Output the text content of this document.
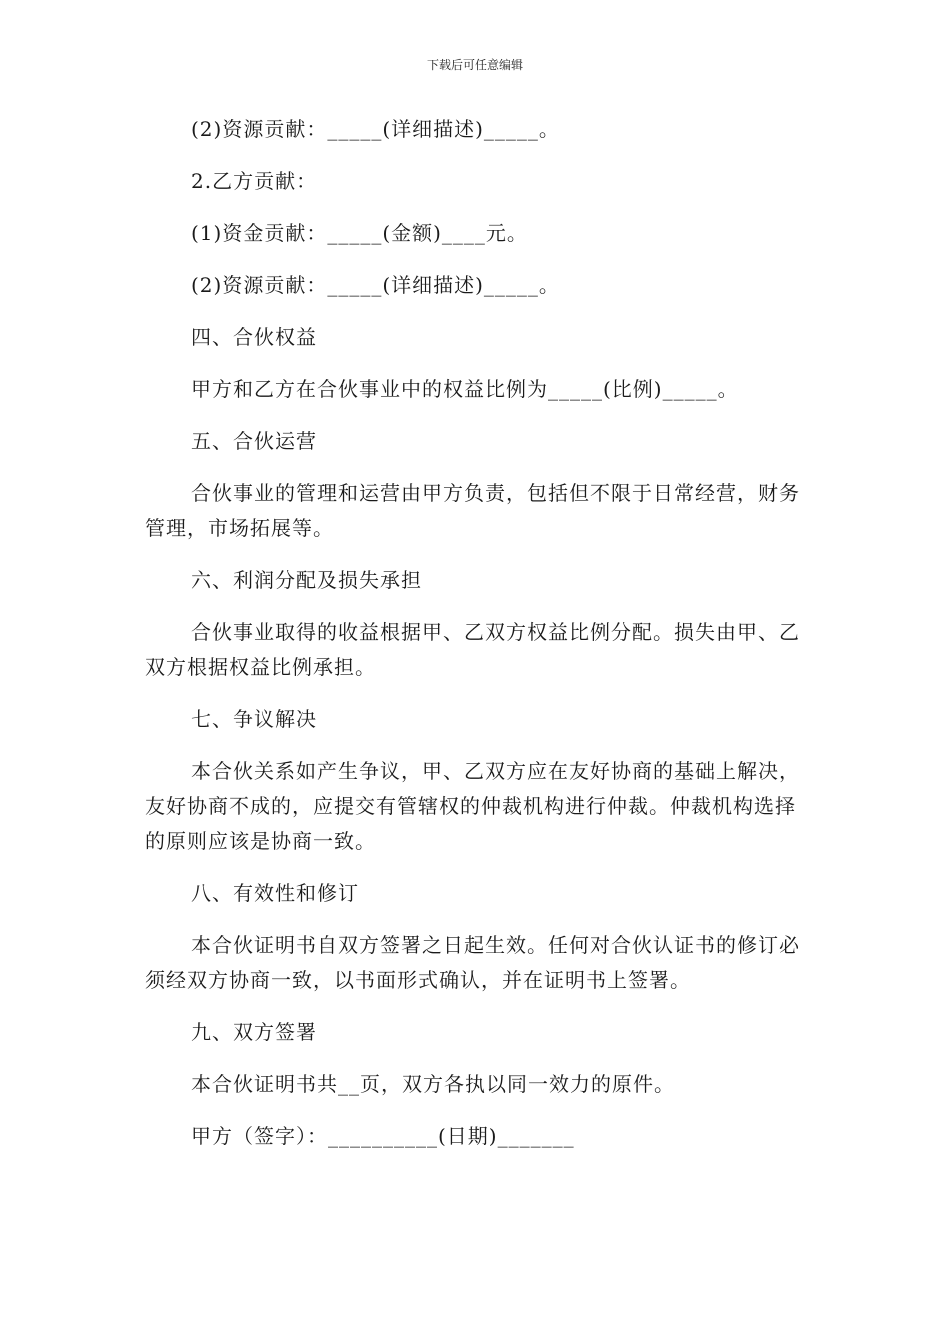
下载后可任意编辑

(2)资源贡献：_____(详细描述)_____。

2.乙方贡献：

(1)资金贡献：_____(金额)____元。

(2)资源贡献：_____(详细描述)_____。

四、合伙权益

甲方和乙方在合伙事业中的权益比例为_____(比例)_____。

五、合伙运营

合伙事业的管理和运营由甲方负责，包括但不限于日常经营，财务管理，市场拓展等。

六、利润分配及损失承担

合伙事业取得的收益根据甲、乙双方权益比例分配。损失由甲、乙双方根据权益比例承担。

七、争议解决

本合伙关系如产生争议，甲、乙双方应在友好协商的基础上解决，友好协商不成的，应提交有管辖权的仲裁机构进行仲裁。仲裁机构选择的原则应该是协商一致。

八、有效性和修订

本合伙证明书自双方签署之日起生效。任何对合伙认证书的修订必须经双方协商一致，以书面形式确认，并在证明书上签署。

九、双方签署

本合伙证明书共__页，双方各执以同一效力的原件。

甲方（签字）：__________(日期)_______
